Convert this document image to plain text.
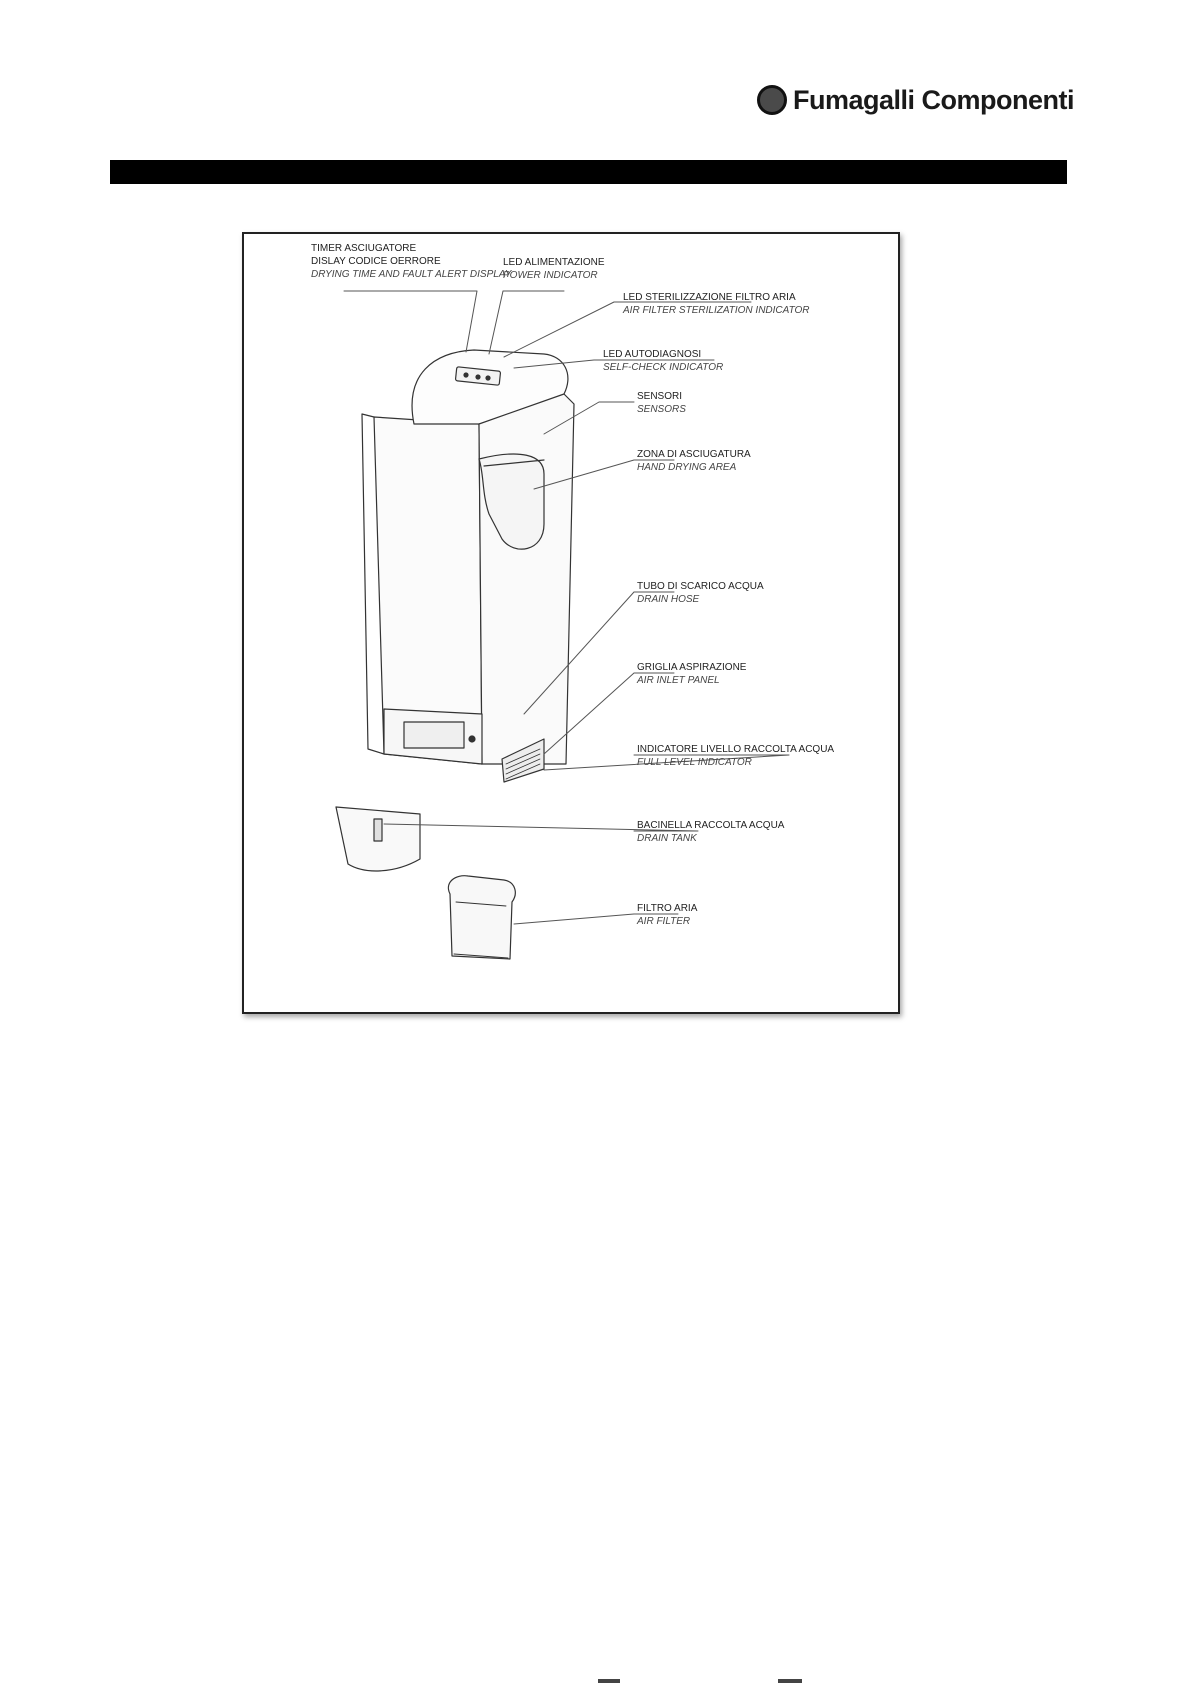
Fumagalli Componenti
TIMER ASCIUGATORE
DISLAY CODICE OERRORE
DRYING TIME AND FAULT ALERT DISPLAY
LED ALIMENTAZIONE
POWER INDICATOR
LED STERILIZZAZIONE FILTRO ARIA
AIR FILTER STERILIZATION INDICATOR
LED AUTODIAGNOSI
SELF-CHECK INDICATOR
SENSORI
SENSORS
ZONA DI ASCIUGATURA
HAND DRYING AREA
TUBO DI SCARICO ACQUA
DRAIN HOSE
GRIGLIA ASPIRAZIONE
AIR INLET PANEL
INDICATORE LIVELLO RACCOLTA ACQUA
FULL LEVEL INDICATOR
BACINELLA RACCOLTA ACQUA
DRAIN TANK
FILTRO ARIA
AIR FILTER
